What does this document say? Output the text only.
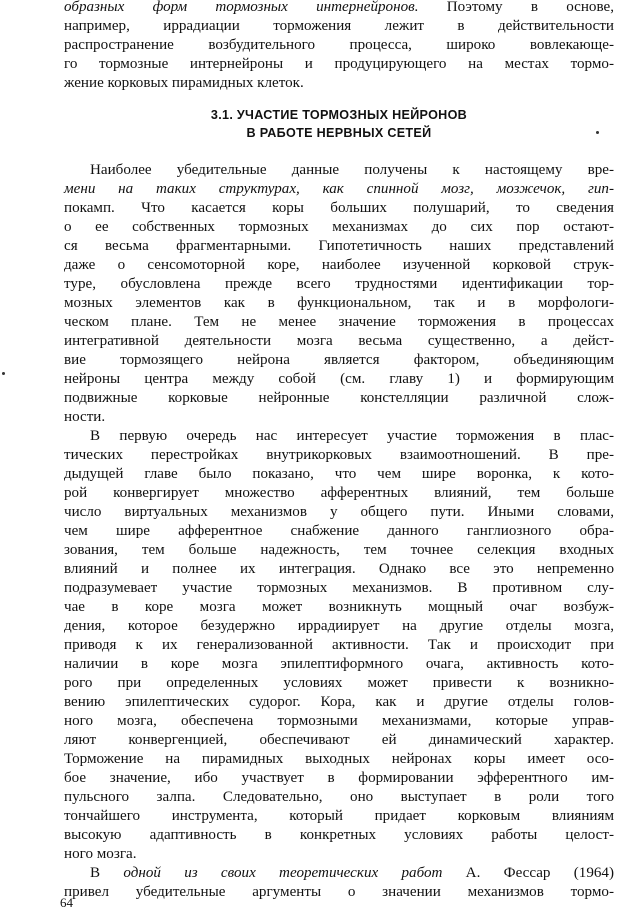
образных форм тормозных интернейронов. Поэтому в основе,
например, иррадиации торможения лежит в действительности
распространение возбудительного процесса, широко вовлекающе-
го тормозные интернейроны и продуцирующего на местах тормо-
жение корковых пирамидных клеток.
3.1. УЧАСТИЕ ТОРМОЗНЫХ НЕЙРОНОВ
В РАБОТЕ НЕРВНЫХ СЕТЕЙ
Наиболее убедительные данные получены к настоящему вре-
мени на таких структурах, как спинной мозг, мозжечок, гип-
покамп. Что касается коры больших полушарий, то сведения
о ее собственных тормозных механизмах до сих пор остают-
ся весьма фрагментарными. Гипотетичность наших представлений
даже о сенсомоторной коре, наиболее изученной корковой струк-
туре, обусловлена прежде всего трудностями идентификации тор-
мозных элементов как в функциональном, так и в морфологи-
ческом плане. Тем не менее значение торможения в процессах
интегративной деятельности мозга весьма существенно, а дейст-
вие тормозящего нейрона является фактором, объединяющим
нейроны центра между собой (см. главу 1) и формирующим
подвижные корковые нейронные констелляции различной слож-
ности.
В первую очередь нас интересует участие торможения в плас-
тических перестройках внутрикорковых взаимоотношений. В пре-
дыдущей главе было показано, что чем шире воронка, к кото-
рой конвергирует множество афферентных влияний, тем больше
число виртуальных механизмов у общего пути. Иными словами,
чем шире афферентное снабжение данного ганглиозного обра-
зования, тем больше надежность, тем точнее селекция входных
влияний и полнее их интеграция. Однако все это непременно
подразумевает участие тормозных механизмов. В противном слу-
чае в коре мозга может возникнуть мощный очаг возбуж-
дения, которое безудержно иррадиирует на другие отделы мозга,
приводя к их генерализованной активности. Так и происходит при
наличии в коре мозга эпилептиформного очага, активность кото-
рого при определенных условиях может привести к возникно-
вению эпилептических судорог. Кора, как и другие отделы голов-
ного мозга, обеспечена тормозными механизмами, которые управ-
ляют конвергенцией, обеспечивают ей динамический характер.
Торможение на пирамидных выходных нейронах коры имеет осо-
бое значение, ибо участвует в формировании эфферентного им-
пульсного залпа. Следовательно, оно выступает в роли того
тончайшего инструмента, который придает корковым влияниям
высокую адаптивность в конкретных условиях работы целост-
ного мозга.
В одной из своих теоретических работ А. Фессар (1964)
привел убедительные аргументы о значении механизмов тормо-
64
